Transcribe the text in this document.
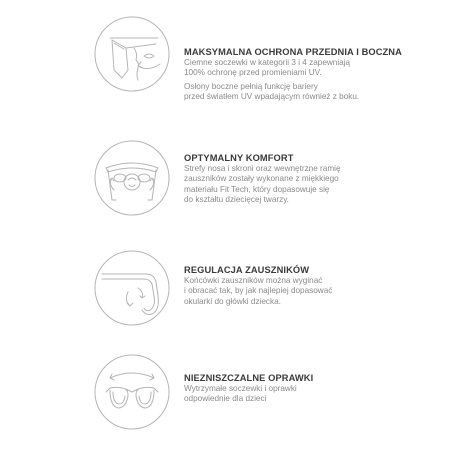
MAKSYMALNA OCHRONA PRZEDNIA I BOCZNA
Ciemne soczewki w kategorii 3 i 4 zapewniają
100% ochronę przed promieniami UV.
Osłony boczne pełnią funkcję bariery
przed światłem UV wpadającym również z boku.
OPTYMALNY KOMFORT
Strefy nosa i skroni oraz wewnętrzne ramię
zauszników zostały wykonane z miękkiego
materiału Fit Tech, który dopasowuje się
do kształtu dziecięcej twarzy.
REGULACJA ZAUSZNIKÓW
Końcówki zauszników można wyginać
i obracać tak, by jak najlepiej dopasować
okularki do główki dziecka.
NIEZNISZCZALNE OPRAWKI
Wytrzymałe soczewki i oprawki
odpowiednie dla dzieci
